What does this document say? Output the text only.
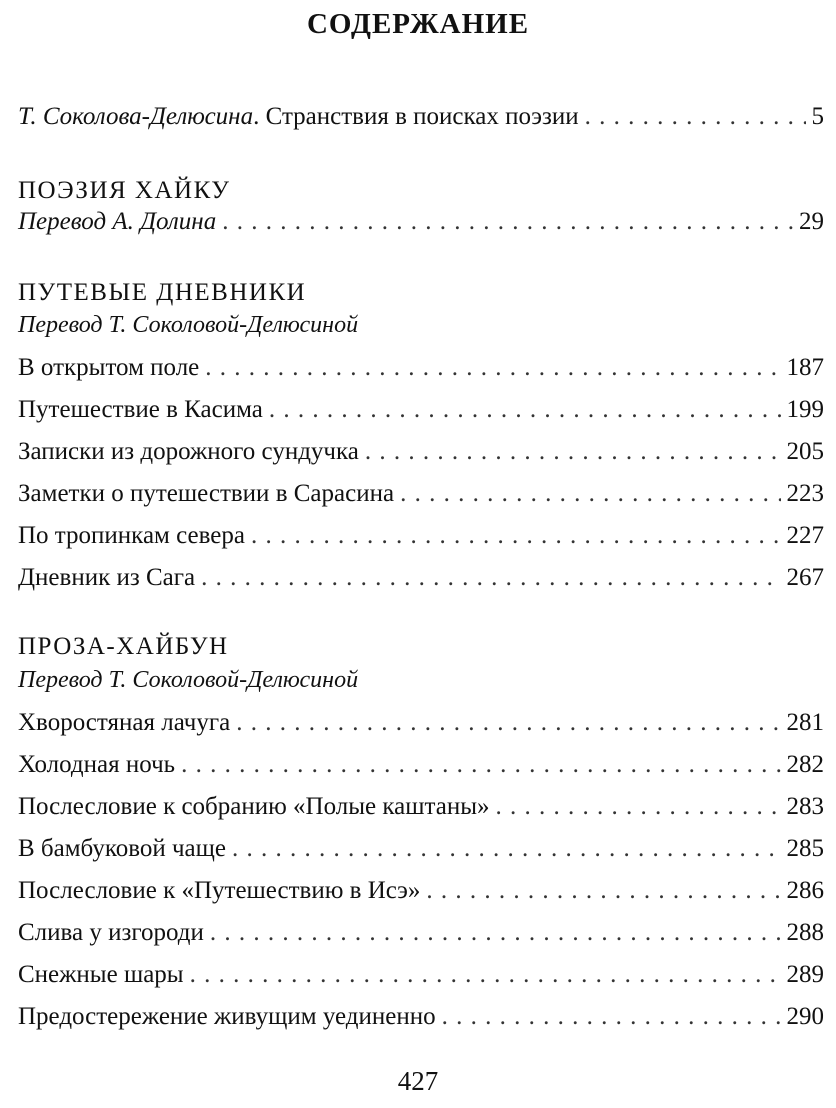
СОДЕРЖАНИЕ
Т. Соколова-Делюсина. Странствия в поисках поэзии . . .	5
ПОЭЗИЯ ХАЙКУ
Перевод А. Долина . . .	29
ПУТЕВЫЕ ДНЕВНИКИ
Перевод Т. Соколовой-Делюсиной
В открытом поле . . .	187
Путешествие в Касима . . .	199
Записки из дорожного сундучка . . .	205
Заметки о путешествии в Сарасина . . .	223
По тропинкам севера . . .	227
Дневник из Сага . . .	267
ПРОЗА-ХАЙБУН
Перевод Т. Соколовой-Делюсиной
Хворостяная лачуга . . .	281
Холодная ночь . . .	282
Послесловие к собранию «Полые каштаны» . . .	283
В бамбуковой чаще . . .	285
Послесловие к «Путешествию в Исэ» . . .	286
Слива у изгороди . . .	288
Снежные шары . . .	289
Предостережение живущим уединенно . . .	290
427
